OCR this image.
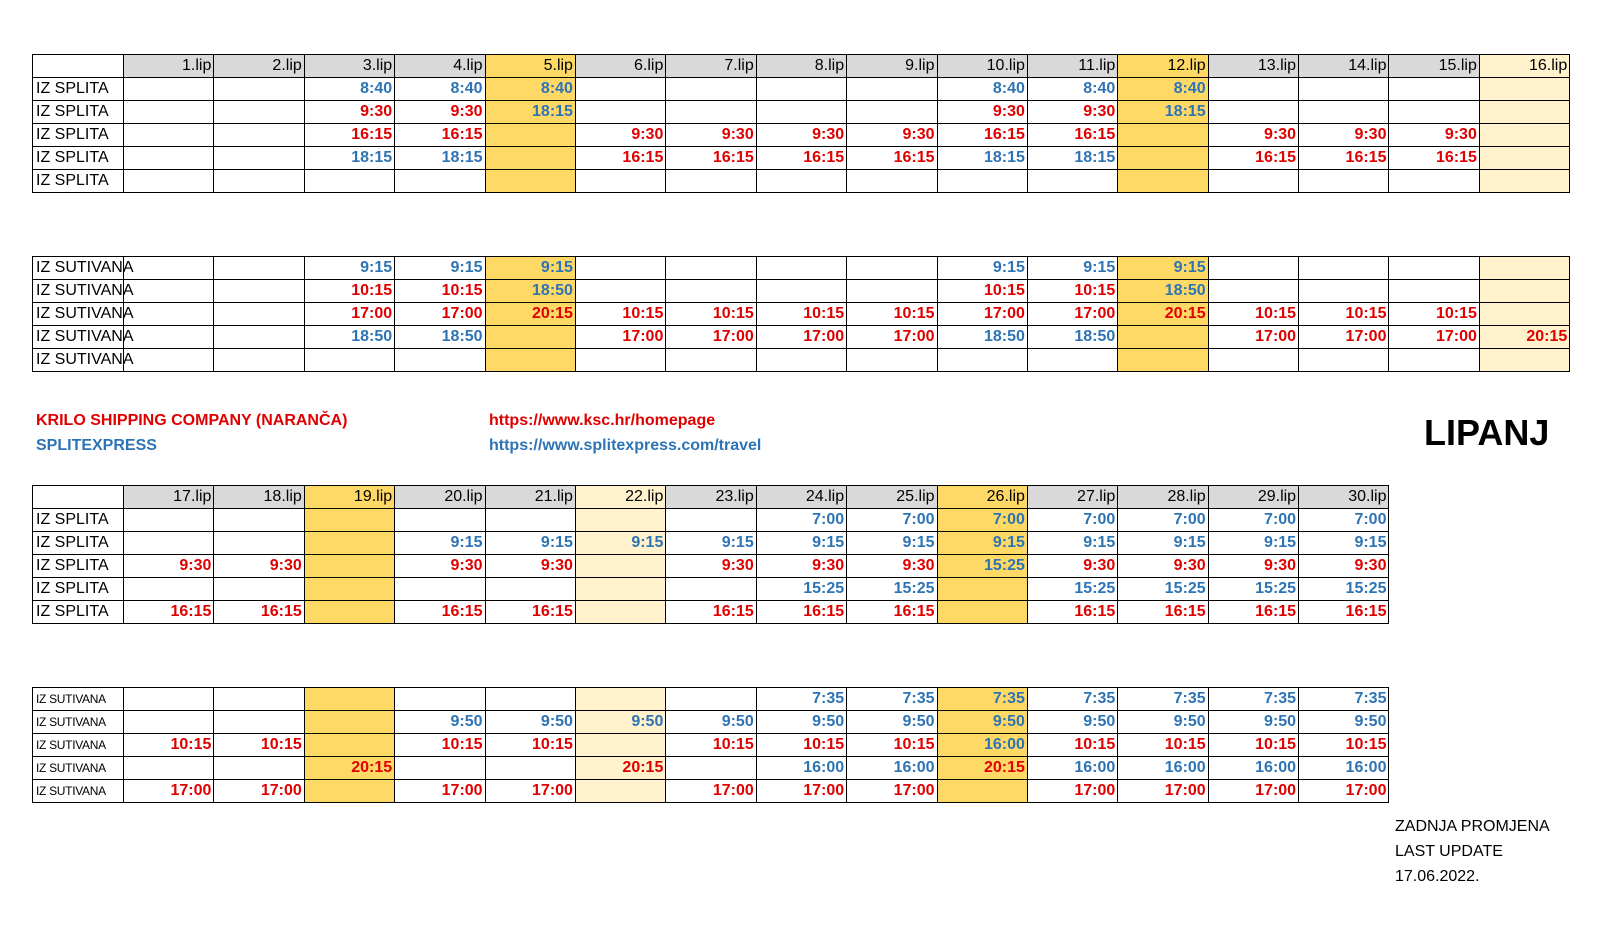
	1.lip	2.lip	3.lip	4.lip	5.lip	6.lip	7.lip	8.lip	9.lip	10.lip	11.lip	12.lip	13.lip	14.lip	15.lip	16.lip
IZ SPLITA			8:40	8:40	8:40					8:40	8:40	8:40				
IZ SPLITA			9:30	9:30	18:15					9:30	9:30	18:15				
IZ SPLITA			16:15	16:15		9:30	9:30	9:30	9:30	16:15	16:15		9:30	9:30	9:30	
IZ SPLITA			18:15	18:15		16:15	16:15	16:15	16:15	18:15	18:15		16:15	16:15	16:15	
IZ SPLITA																
IZ SUTIVANA			9:15	9:15	9:15					9:15	9:15	9:15				
IZ SUTIVANA			10:15	10:15	18:50					10:15	10:15	18:50				
IZ SUTIVANA			17:00	17:00	20:15	10:15	10:15	10:15	10:15	17:00	17:00	20:15	10:15	10:15	10:15	
IZ SUTIVANA			18:50	18:50		17:00	17:00	17:00	17:00	18:50	18:50		17:00	17:00	17:00	20:15
IZ SUTIVANA																
	17.lip	18.lip	19.lip	20.lip	21.lip	22.lip	23.lip	24.lip	25.lip	26.lip	27.lip	28.lip	29.lip	30.lip
IZ SPLITA								7:00	7:00	7:00	7:00	7:00	7:00	7:00
IZ SPLITA				9:15	9:15	9:15	9:15	9:15	9:15	9:15	9:15	9:15	9:15	9:15
IZ SPLITA	9:30	9:30		9:30	9:30		9:30	9:30	9:30	15:25	9:30	9:30	9:30	9:30
IZ SPLITA								15:25	15:25		15:25	15:25	15:25	15:25
IZ SPLITA	16:15	16:15		16:15	16:15		16:15	16:15	16:15		16:15	16:15	16:15	16:15
IZ SUTIVANA								7:35	7:35	7:35	7:35	7:35	7:35	7:35
IZ SUTIVANA				9:50	9:50	9:50	9:50	9:50	9:50	9:50	9:50	9:50	9:50	9:50
IZ SUTIVANA	10:15	10:15		10:15	10:15		10:15	10:15	10:15	16:00	10:15	10:15	10:15	10:15
IZ SUTIVANA			20:15			20:15		16:00	16:00	20:15	16:00	16:00	16:00	16:00
IZ SUTIVANA	17:00	17:00		17:00	17:00		17:00	17:00	17:00		17:00	17:00	17:00	17:00
KRILO SHIPPING COMPANY (NARANČA)
SPLITEXPRESS
https://www.ksc.hr/homepage
https://www.splitexpress.com/travel	LIPANJ
ZADNJA PROMJENA
LAST UPDATE
17.06.2022.
